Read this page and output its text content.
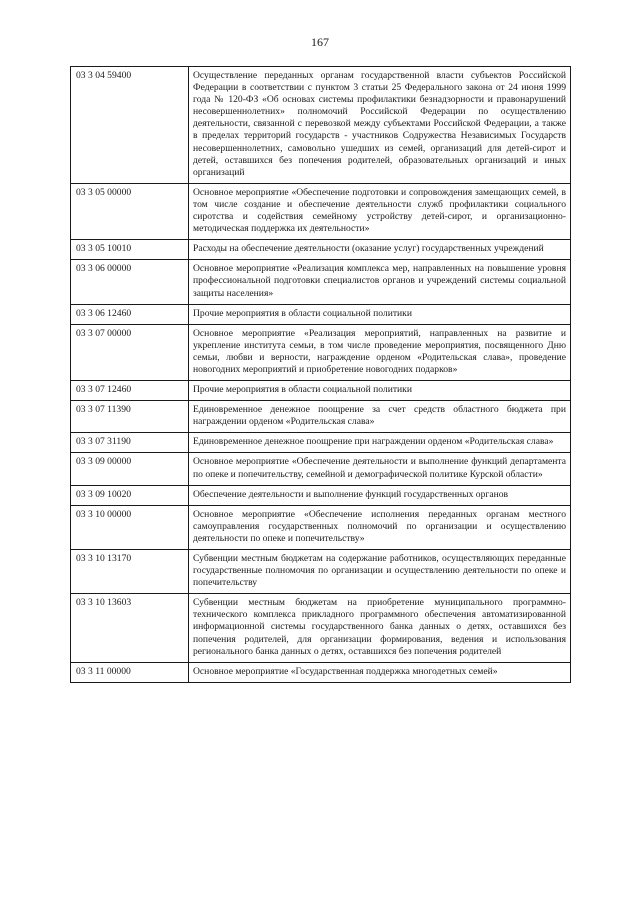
167
03 3 04 59400	Осуществление переданных органам государственной власти субъектов Российской Федерации в соответствии с пунктом 3 статьи 25 Федерального закона от 24 июня 1999 года № 120-ФЗ «Об основах системы профилактики безнадзорности и правонарушений несовершеннолетних» полномочий Российской Федерации по осуществлению деятельности, связанной с перевозкой между субъектами Российской Федерации, а также в пределах территорий государств - участников Содружества Независимых Государств несовершеннолетних, самовольно ушедших из семей, организаций для детей-сирот и детей, оставшихся без попечения родителей, образовательных организаций и иных организаций
03 3 05 00000	Основное мероприятие «Обеспечение подготовки и сопровождения замещающих семей, в том числе создание и обеспечение деятельности служб профилактики социального сиротства и содействия семейному устройству детей-сирот, и организационно-методическая поддержка их деятельности»
03 3 05 10010	Расходы на обеспечение деятельности (оказание услуг) государственных учреждений
03 3 06 00000	Основное мероприятие «Реализация комплекса мер, направленных на повышение уровня профессиональной подготовки специалистов органов и учреждений системы социальной защиты населения»
03 3 06 12460	Прочие мероприятия в области социальной политики
03 3 07 00000	Основное мероприятие «Реализация мероприятий, направленных на развитие и укрепление института семьи, в том числе проведение мероприятия, посвященного Дню семьи, любви и верности, награждение орденом «Родительская слава», проведение новогодних мероприятий и приобретение новогодних подарков»
03 3 07 12460	Прочие мероприятия в области социальной политики
03 3 07 11390	Единовременное денежное поощрение за счет средств областного бюджета при награждении орденом «Родительская слава»
03 3 07 31190	Единовременное денежное поощрение при награждении орденом «Родительская слава»
03 3 09 00000	Основное мероприятие «Обеспечение деятельности и выполнение функций департамента по опеке и попечительству, семейной и демографической политике Курской области»
03 3 09 10020	Обеспечение деятельности и выполнение функций государственных органов
03 3 10 00000	Основное мероприятие «Обеспечение исполнения переданных органам местного самоуправления государственных полномочий по организации и осуществлению деятельности по опеке и попечительству»
03 3 10 13170	Субвенции местным бюджетам на содержание работников, осуществляющих переданные государственные полномочия по организации и осуществлению деятельности по опеке и попечительству
03 3 10 13603	Субвенции местным бюджетам на приобретение муниципального программно-технического комплекса прикладного программного обеспечения автоматизированной информационной системы государственного банка данных о детях, оставшихся без попечения родителей, для организации формирования, ведения и использования регионального банка данных о детях, оставшихся без попечения родителей
03 3 11 00000	Основное мероприятие «Государственная поддержка многодетных семей»
